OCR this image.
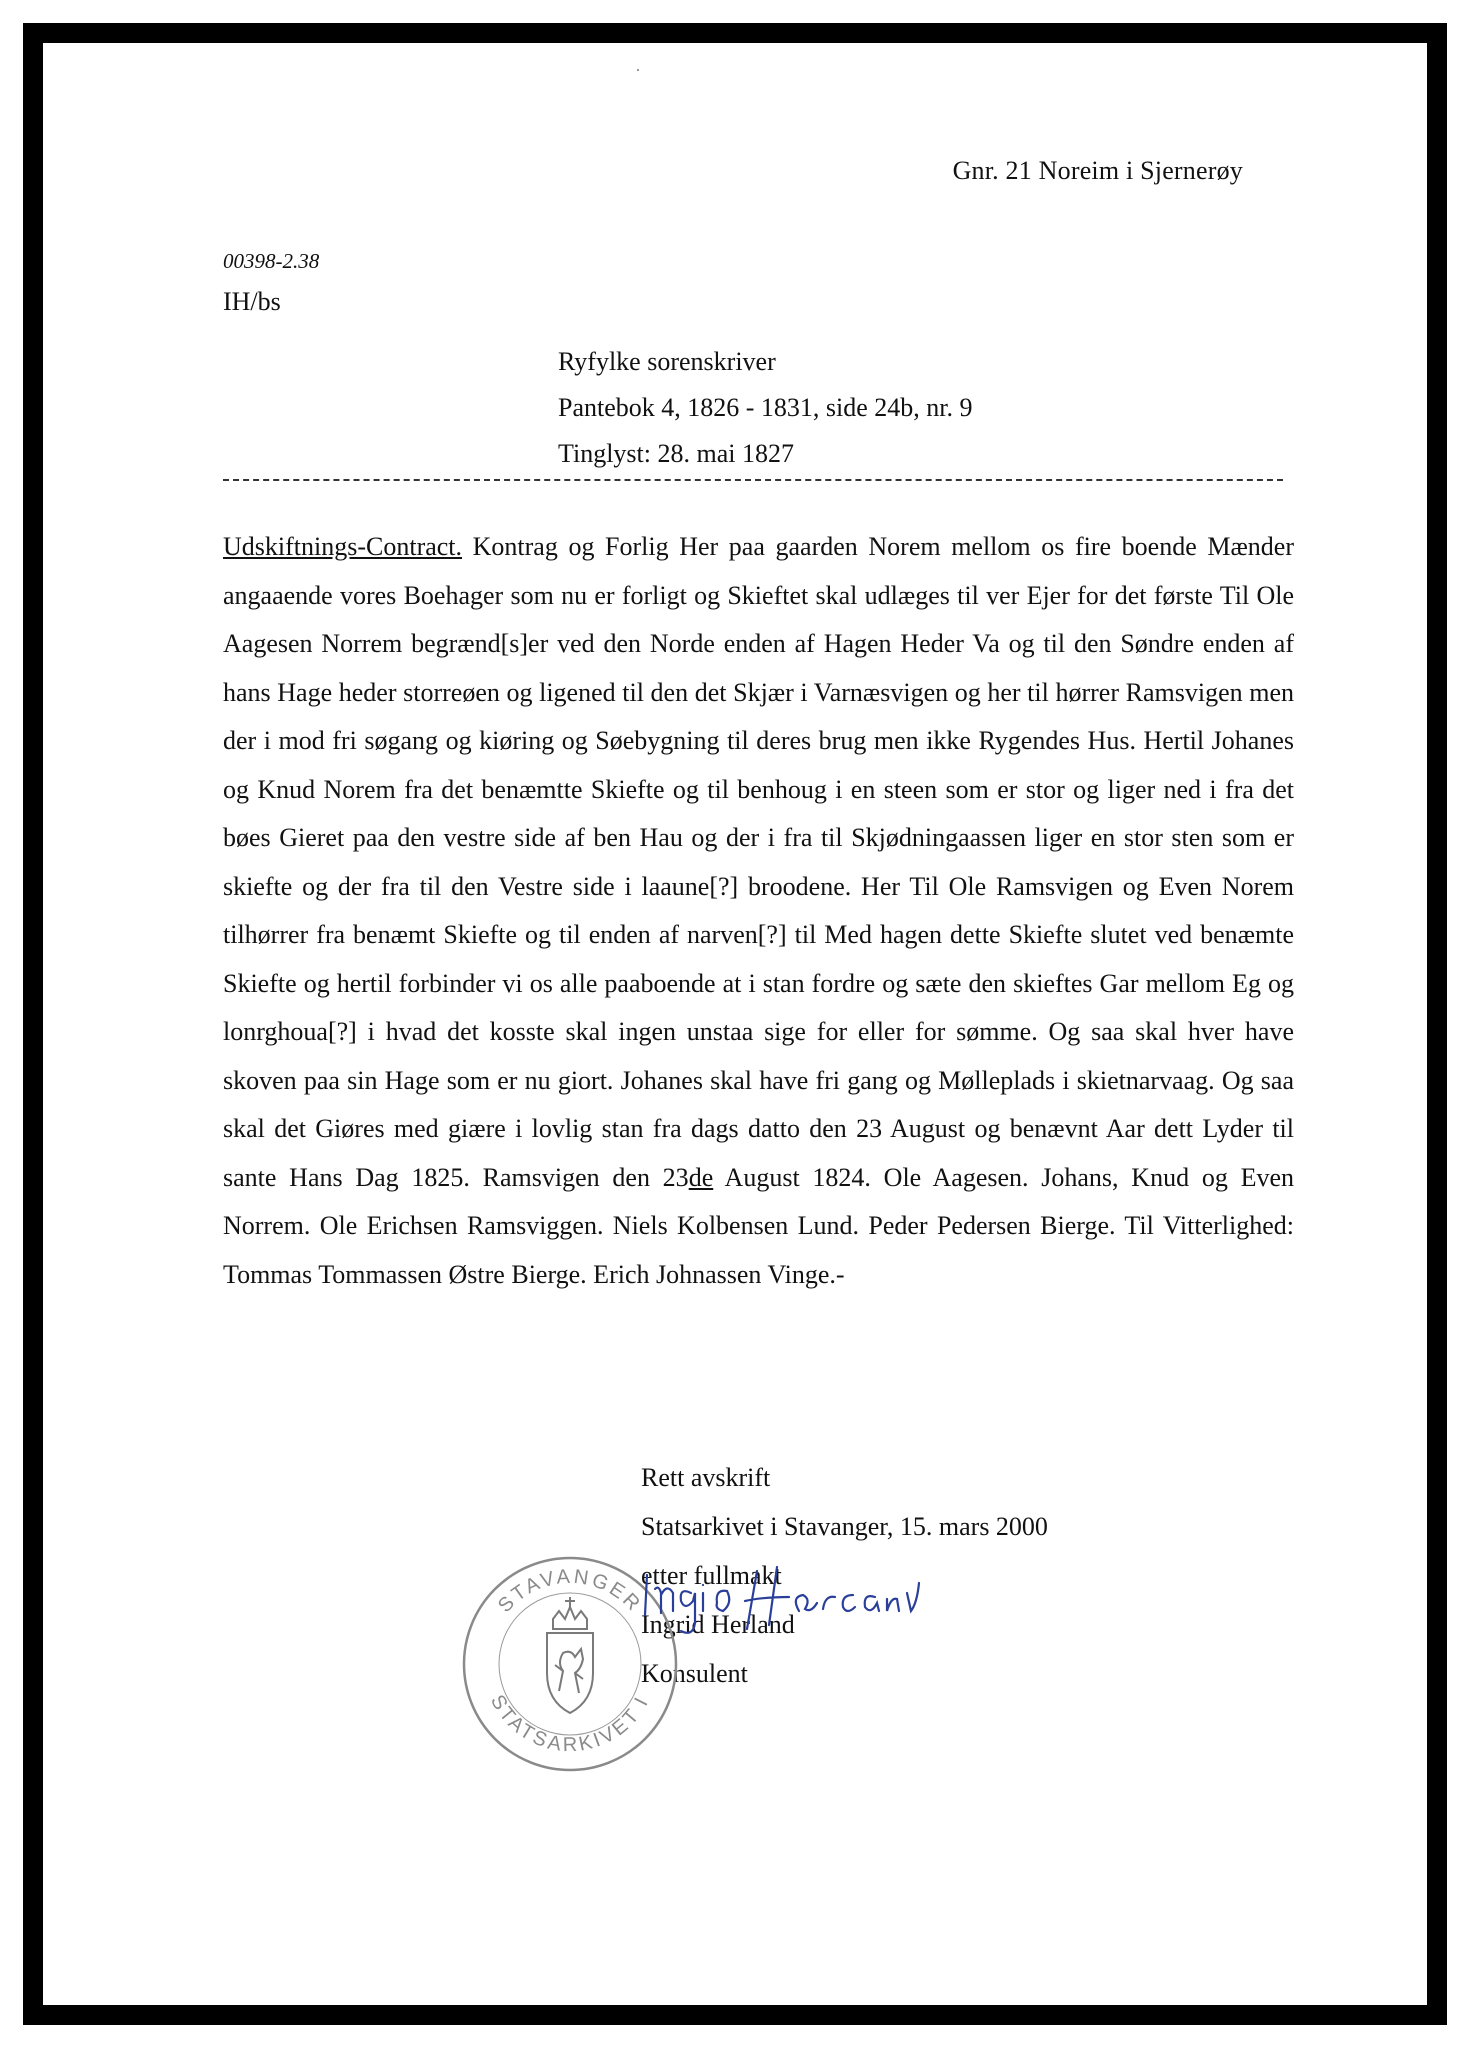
Gnr. 21 Noreim i Sjernerøy
00398-2.38
IH/bs
Ryfylke sorenskriver
Pantebok 4, 1826 - 1831, side 24b, nr. 9
Tinglyst: 28. mai 1827
Udskiftnings-Contract. Kontrag og Forlig Her paa gaarden Norem mellom os fire boende Mænder angaaende vores Boehager som nu er forligt og Skieftet skal udlæges til ver Ejer for det første Til Ole Aagesen Norrem begrænd[s]er ved den Norde enden af Hagen Heder Va og til den Søndre enden af hans Hage heder storreøen og ligened til den det Skjær i Varnæsvigen og her til hørrer Ramsvigen men der i mod fri søgang og kiøring og Søebygning til deres brug men ikke Rygendes Hus. Hertil Johanes og Knud Norem fra det benæmtte Skiefte og til benhoug i en steen som er stor og liger ned i fra det bøes Gieret paa den vestre side af ben Hau og der i fra til Skjødningaassen liger en stor sten som er skiefte og der fra til den Vestre side i laaune[?] broodene. Her Til Ole Ramsvigen og Even Norem tilhørrer fra benæmt Skiefte og til enden af narven[?] til Med hagen dette Skiefte slutet ved benæmte Skiefte og hertil forbinder vi os alle paaboende at i stan fordre og sæte den skieftes Gar mellom Eg og lonrghoua[?] i hvad det kosste skal ingen unstaa sige for eller for sømme. Og saa skal hver have skoven paa sin Hage som er nu giort. Johanes skal have fri gang og Mølleplads i skietnarvaag. Og saa skal det Giøres med giære i lovlig stan fra dags datto den 23 August og benævnt Aar dett Lyder til sante Hans Dag 1825. Ramsvigen den 23de August 1824. Ole Aagesen. Johans, Knud og Even Norrem. Ole Erichsen Ramsviggen. Niels Kolbensen Lund. Peder Pedersen Bierge. Til Vitterlighed: Tommas Tommassen Østre Bierge. Erich Johnassen Vinge.-
Rett avskrift
Statsarkivet i Stavanger, 15. mars 2000
etter fullmakt
Ingrid Herland
Konsulent
STAVANGER
STATSARKIVET I
